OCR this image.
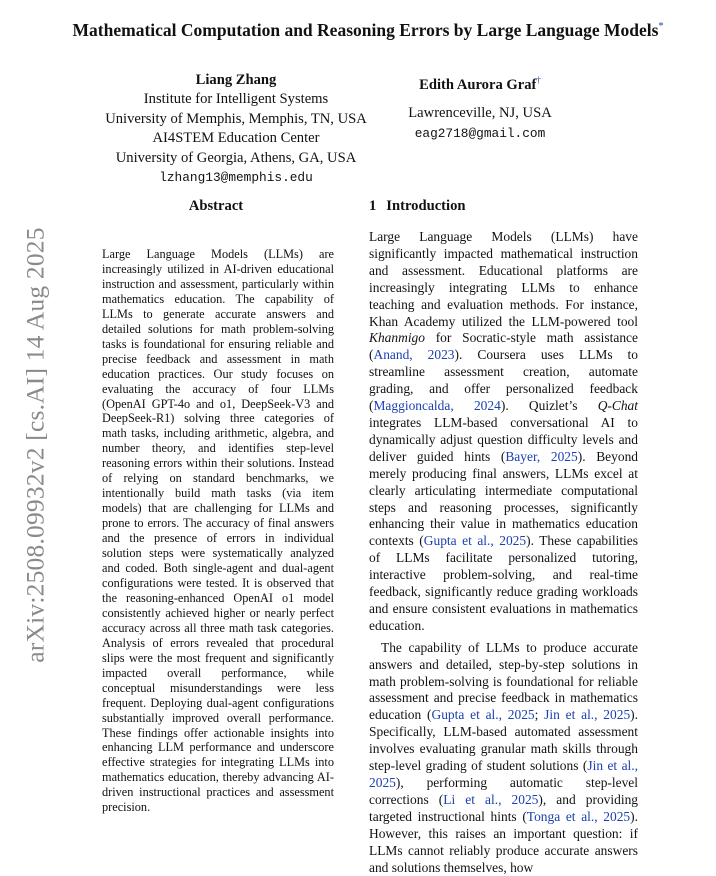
arXiv:2508.09932v2 [cs.AI] 14 Aug 2025
Mathematical Computation and Reasoning Errors by Large Language Models*
Liang Zhang
Institute for Intelligent Systems
University of Memphis, Memphis, TN, USA
AI4STEM Education Center
University of Georgia, Athens, GA, USA
lzhang13@memphis.edu
Edith Aurora Graf†
Lawrenceville, NJ, USA
eag2718@gmail.com
Abstract
Large Language Models (LLMs) are increasingly utilized in AI-driven educational instruction and assessment, particularly within mathematics education. The capability of LLMs to generate accurate answers and detailed solutions for math problem-solving tasks is foundational for ensuring reliable and precise feedback and assessment in math education practices. Our study focuses on evaluating the accuracy of four LLMs (OpenAI GPT-4o and o1, DeepSeek-V3 and DeepSeek-R1) solving three categories of math tasks, including arithmetic, algebra, and number theory, and identifies step-level reasoning errors within their solutions. Instead of relying on standard benchmarks, we intentionally build math tasks (via item models) that are challenging for LLMs and prone to errors. The accuracy of final answers and the presence of errors in individual solution steps were systematically analyzed and coded. Both single-agent and dual-agent configurations were tested. It is observed that the reasoning-enhanced OpenAI o1 model consistently achieved higher or nearly perfect accuracy across all three math task categories. Analysis of errors revealed that procedural slips were the most frequent and significantly impacted overall performance, while conceptual misunderstandings were less frequent. Deploying dual-agent configurations substantially improved overall performance. These findings offer actionable insights into enhancing LLM performance and underscore effective strategies for integrating LLMs into mathematics education, thereby advancing AI-driven instructional practices and assessment precision.
1 Introduction

Large Language Models (LLMs) have significantly impacted mathematical instruction and assessment. Educational platforms are increasingly integrating LLMs to enhance teaching and evaluation methods. For instance, Khan Academy utilized the LLM-powered tool Khanmigo for Socratic-style math assistance (Anand, 2023). Coursera uses LLMs to streamline assessment creation, automate grading, and offer personalized feedback (Maggioncalda, 2024). Quizlet’s Q-Chat integrates LLM-based conversational AI to dynamically adjust question difficulty levels and deliver guided hints (Bayer, 2025). Beyond merely producing final answers, LLMs excel at clearly articulating intermediate computational steps and reasoning processes, significantly enhancing their value in mathematics education contexts (Gupta et al., 2025). These capabilities of LLMs facilitate personalized tutoring, interactive problem-solving, and real-time feedback, significantly reduce grading workloads and ensure consistent evaluations in mathematics education.

The capability of LLMs to produce accurate answers and detailed, step-by-step solutions in math problem-solving is foundational for reliable assessment and precise feedback in mathematics education (Gupta et al., 2025; Jin et al., 2025). Specifically, LLM-based automated assessment involves evaluating granular math skills through step-level grading of student solutions (Jin et al., 2025), performing automatic step-level corrections (Li et al., 2025), and providing targeted instructional hints (Tonga et al., 2025). However, this raises an important question: if LLMs cannot reliably produce accurate answers and solutions themselves, how
